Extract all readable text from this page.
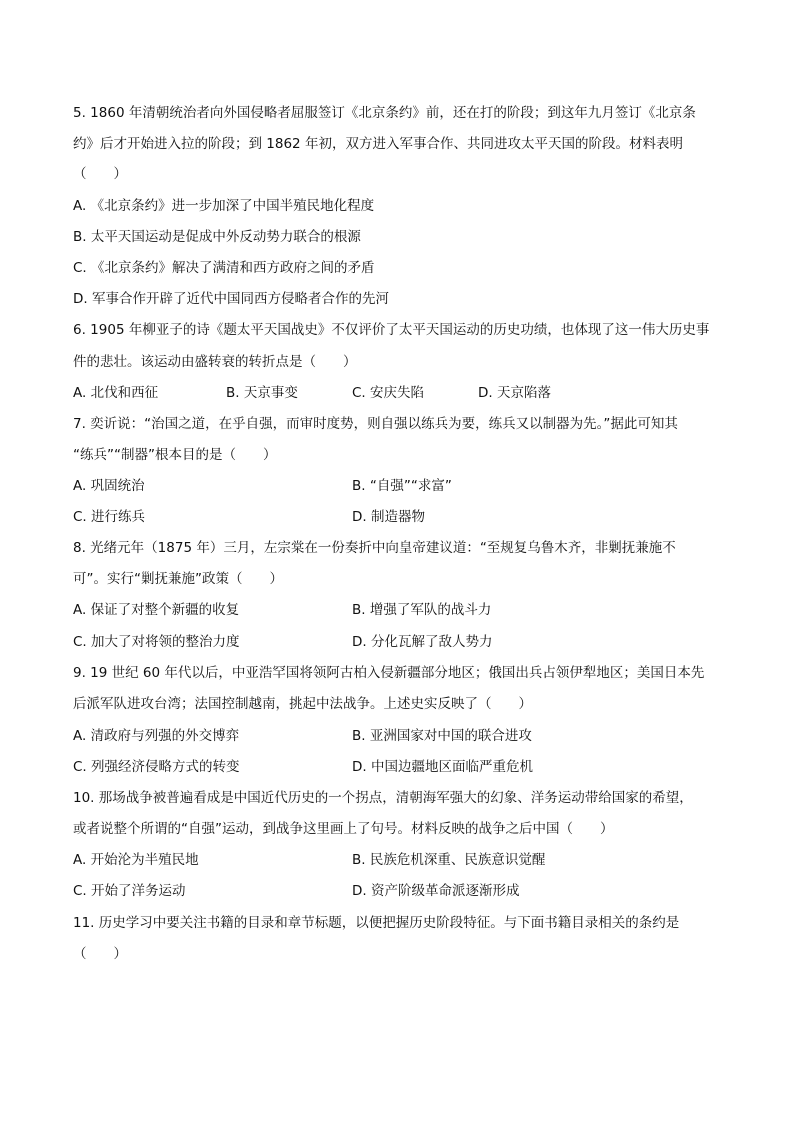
5. 1860 年清朝统治者向外国侵略者屈服签订《北京条约》前，还在打的阶段；到这年九月签订《北京条
约》后才开始进入拉的阶段；到 1862 年初，双方进入军事合作、共同进攻太平天国的阶段。材料表明
（　　）
A. 《北京条约》进一步加深了中国半殖民地化程度
B. 太平天国运动是促成中外反动势力联合的根源
C. 《北京条约》解决了满清和西方政府之间的矛盾
D. 军事合作开辟了近代中国同西方侵略者合作的先河
6. 1905 年柳亚子的诗《题太平天国战史》不仅评价了太平天国运动的历史功绩，也体现了这一伟大历史事
件的悲壮。该运动由盛转衰的转折点是（　　）
A. 北伐和西征	B. 天京事变	C. 安庆失陷	D. 天京陷落
7. 奕䜣说：“治国之道，在乎自强，而审时度势，则自强以练兵为要，练兵又以制器为先。”据此可知其
“练兵”“制器”根本目的是（　　）
A. 巩固统治	B. “自强”“求富”
C. 进行练兵	D. 制造器物
8. 光绪元年（1875 年）三月，左宗棠在一份奏折中向皇帝建议道：“至规复乌鲁木齐，非剿抚兼施不
可”。实行“剿抚兼施”政策（　　）
A. 保证了对整个新疆的收复	B. 增强了军队的战斗力
C. 加大了对将领的整治力度	D. 分化瓦解了敌人势力
9. 19 世纪 60 年代以后，中亚浩罕国将领阿古柏入侵新疆部分地区；俄国出兵占领伊犁地区；美国日本先
后派军队进攻台湾；法国控制越南，挑起中法战争。上述史实反映了（　　）
A. 清政府与列强的外交博弈	B. 亚洲国家对中国的联合进攻
C. 列强经济侵略方式的转变	D. 中国边疆地区面临严重危机
10. 那场战争被普遍看成是中国近代历史的一个拐点，清朝海军强大的幻象、洋务运动带给国家的希望，
或者说整个所谓的“自强”运动，到战争这里画上了句号。材料反映的战争之后中国（　　）
A. 开始沦为半殖民地	B. 民族危机深重、民族意识觉醒
C. 开始了洋务运动	D. 资产阶级革命派逐渐形成
11. 历史学习中要关注书籍的目录和章节标题，以便把握历史阶段特征。与下面书籍目录相关的条约是
（　　）
